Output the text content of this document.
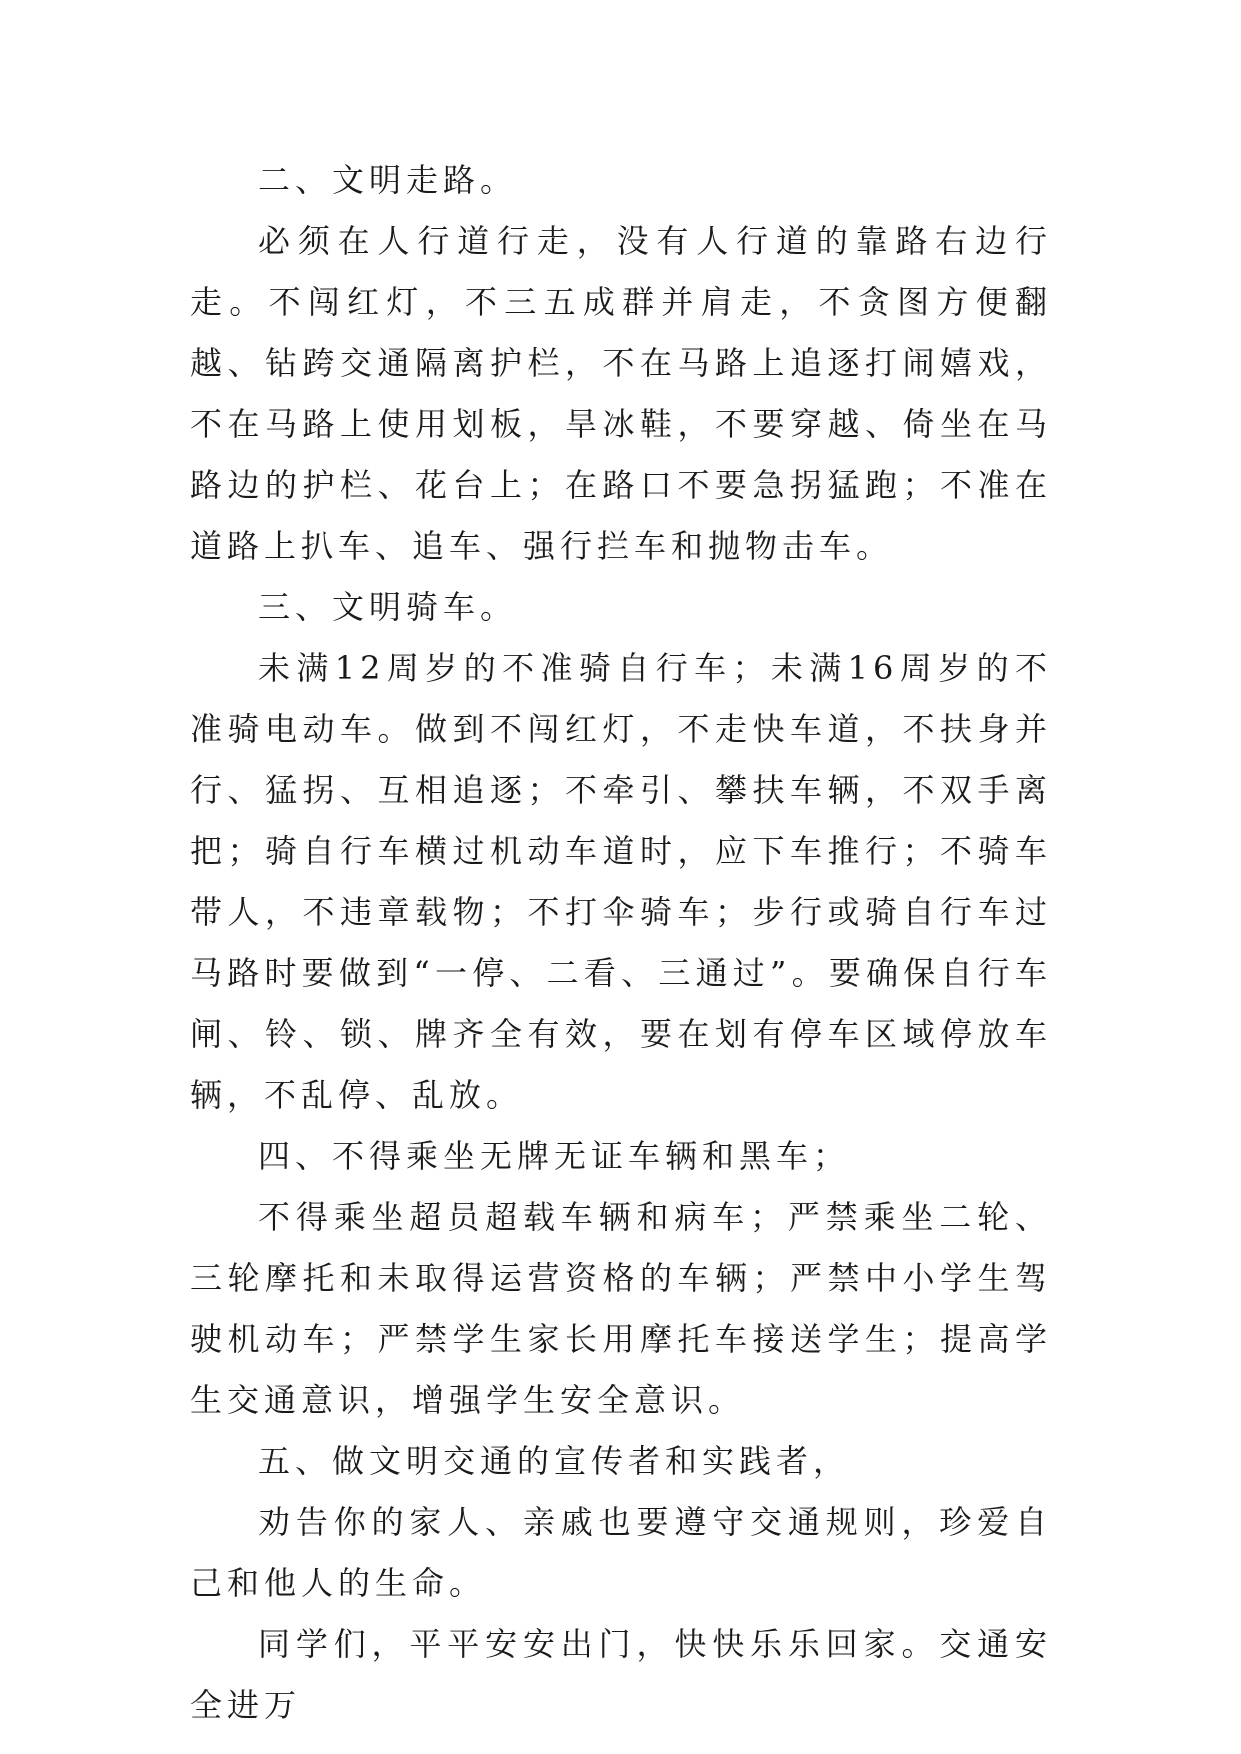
二、文明走路。

必须在人行道行走，没有人行道的靠路右边行走。不闯红灯，不三五成群并肩走，不贪图方便翻越、钻跨交通隔离护栏，不在马路上追逐打闹嬉戏，不在马路上使用划板，旱冰鞋，不要穿越、倚坐在马路边的护栏、花台上；在路口不要急拐猛跑；不准在道路上扒车、追车、强行拦车和抛物击车。

三、文明骑车。

未满12周岁的不准骑自行车；未满16周岁的不准骑电动车。做到不闯红灯，不走快车道，不扶身并行、猛拐、互相追逐；不牵引、攀扶车辆，不双手离把；骑自行车横过机动车道时，应下车推行；不骑车带人，不违章载物；不打伞骑车；步行或骑自行车过马路时要做到“一停、二看、三通过”。要确保自行车闸、铃、锁、牌齐全有效，要在划有停车区域停放车辆，不乱停、乱放。

四、不得乘坐无牌无证车辆和黑车；

不得乘坐超员超载车辆和病车；严禁乘坐二轮、三轮摩托和未取得运营资格的车辆；严禁中小学生驾驶机动车；严禁学生家长用摩托车接送学生；提高学生交通意识，增强学生安全意识。

五、做文明交通的宣传者和实践者，

劝告你的家人、亲戚也要遵守交通规则，珍爱自己和他人的生命。

同学们，平平安安出门，快快乐乐回家。交通安全进万
